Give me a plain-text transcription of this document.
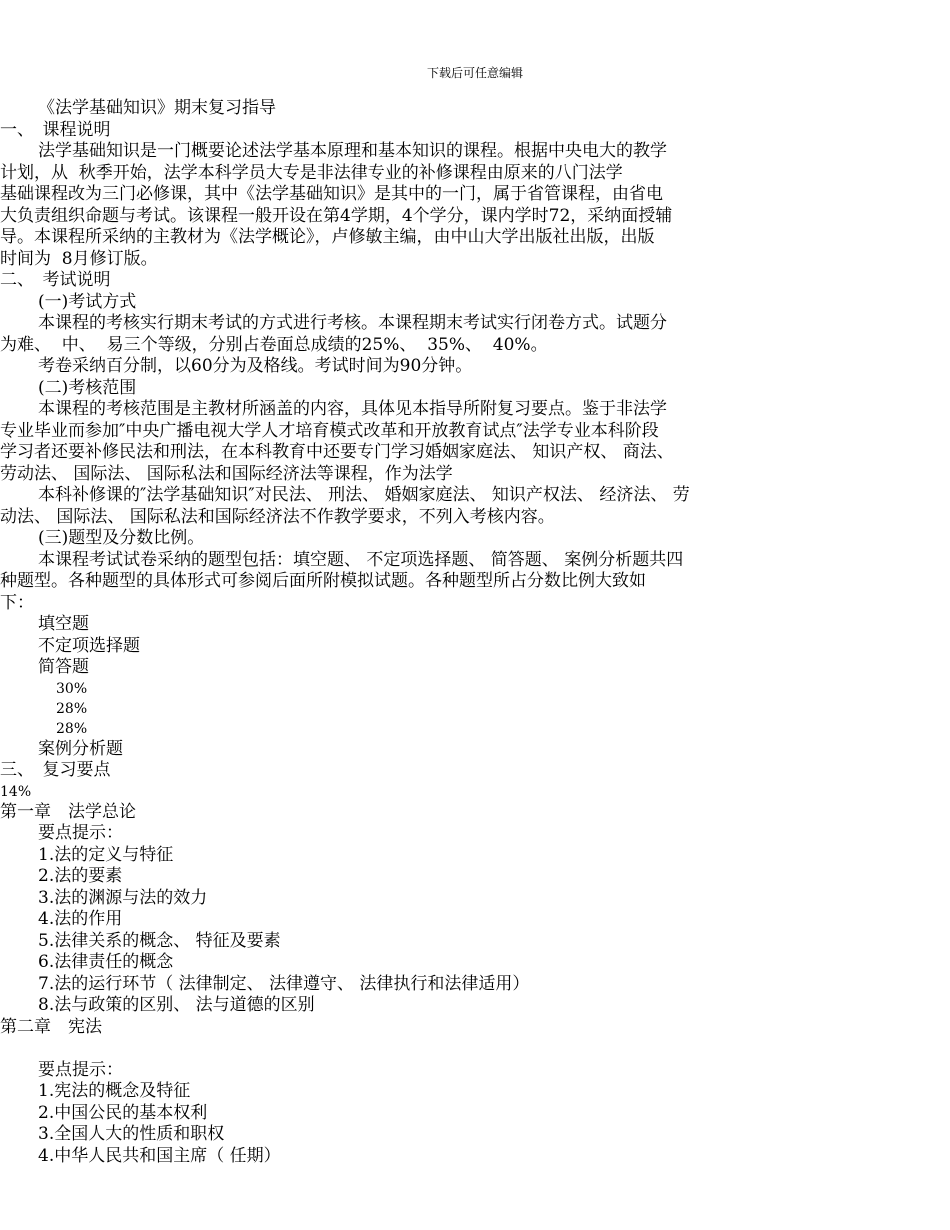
下载后可任意编辑
《法学基础知识》期末复习指导
一、　课程说明
法学基础知识是一门概要论述法学基本原理和基本知识的课程。根据中央电大的教学
计划，从  秋季开始，法学本科学员大专是非法律专业的补修课程由原来的八门法学
基础课程改为三门必修课，其中《法学基础知识》是其中的一门，属于省管课程，由省电
大负责组织命题与考试。该课程一般开设在第4学期，4个学分，课内学时72，采纳面授辅
导。本课程所采纳的主教材为《法学概论》，卢修敏主编，由中山大学出版社出版，出版
时间为  8月修订版。
二、　考试说明
(一)考试方式
本课程的考核实行期末考试的方式进行考核。本课程期末考试实行闭卷方式。试题分
为难、  中、  易三个等级，分别占卷面总成绩的25%、  35%、  40%。
考卷采纳百分制，以60分为及格线。考试时间为90分钟。
(二)考核范围
本课程的考核范围是主教材所涵盖的内容，具体见本指导所附复习要点。鉴于非法学
专业毕业而参加″中央广播电视大学人才培育模式改革和开放教育试点″法学专业本科阶段
学习者还要补修民法和刑法，在本科教育中还要专门学习婚姻家庭法、 知识产权、 商法、
劳动法、 国际法、 国际私法和国际经济法等课程，作为法学
本科补修课的″法学基础知识″对民法、 刑法、 婚姻家庭法、 知识产权法、 经济法、 劳
动法、 国际法、 国际私法和国际经济法不作教学要求，不列入考核内容。
(三)题型及分数比例。
本课程考试试卷采纳的题型包括：填空题、 不定项选择题、 简答题、 案例分析题共四
种题型。各种题型的具体形式可参阅后面所附模拟试题。各种题型所占分数比例大致如
下：
填空题
不定项选择题
简答题
30%
28%
28%
案例分析题
三、　复习要点
14%
第一章　法学总论
要点提示：
1.法的定义与特征
2.法的要素
3.法的渊源与法的效力
4.法的作用
5.法律关系的概念、 特征及要素
6.法律责任的概念
7.法的运行环节（ 法律制定、 法律遵守、 法律执行和法律适用）
8.法与政策的区别、 法与道德的区别
第二章　宪法
要点提示：
1.宪法的概念及特征
2.中国公民的基本权利
3.全国人大的性质和职权
4.中华人民共和国主席（ 任期）
